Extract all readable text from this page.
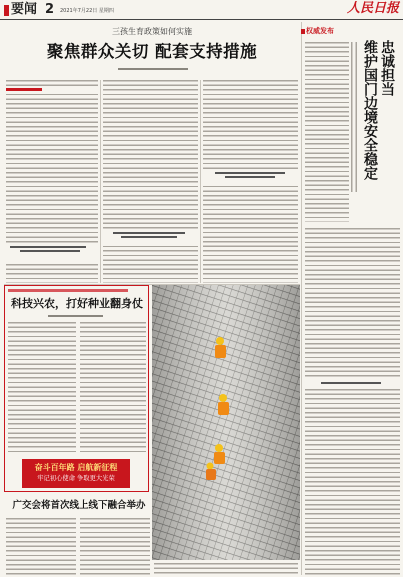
要闻 2 2021年7月22日 星期四	人民日报
三孩生育政策如何实施
聚焦群众关切 配套支持措施
权威发布
忠诚担当
维护国门边境安全稳定
科技兴农，打好种业翻身仗
奋斗百年路 启航新征程
牢记初心使命 争取更大光荣
广交会将首次线上线下融合举办
